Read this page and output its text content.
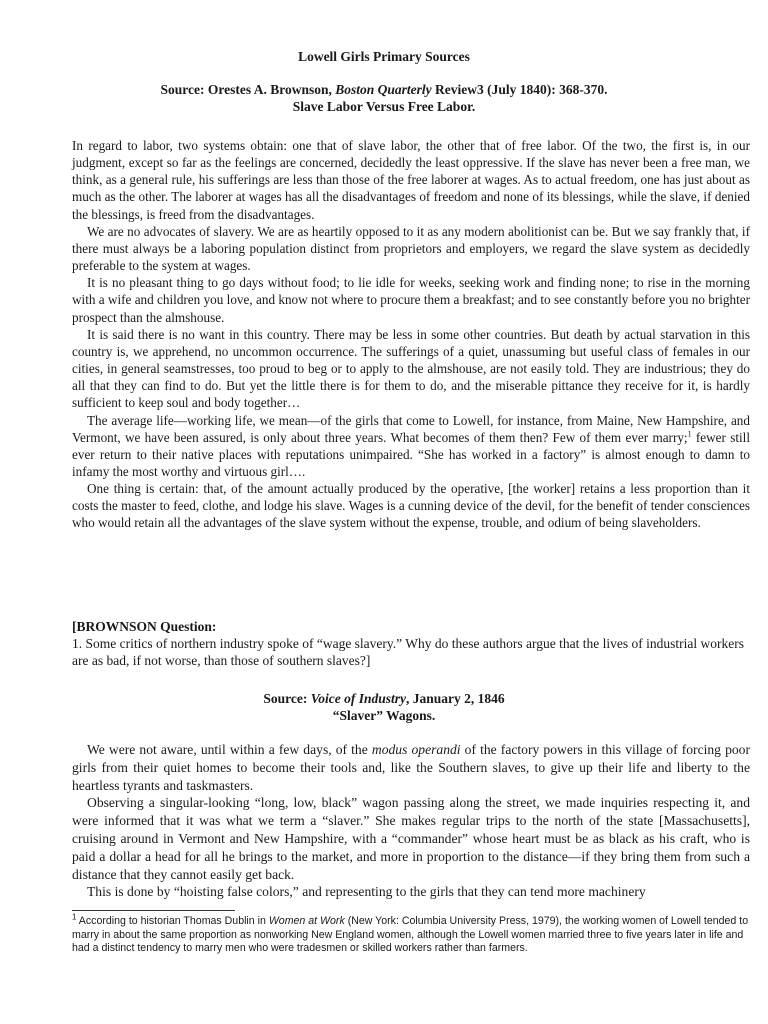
Lowell Girls Primary Sources
Source: Orestes A. Brownson, Boston Quarterly Review3 (July 1840): 368-370.
Slave Labor Versus Free Labor.

In regard to labor, two systems obtain: one that of slave labor, the other that of free labor. Of the two, the first is, in our judgment, except so far as the feelings are concerned, decidedly the least oppressive. If the slave has never been a free man, we think, as a general rule, his sufferings are less than those of the free laborer at wages. As to actual freedom, one has just about as much as the other. The laborer at wages has all the disadvantages of freedom and none of its blessings, while the slave, if denied the blessings, is freed from the disadvantages.

We are no advocates of slavery. We are as heartily opposed to it as any modern abolitionist can be. But we say frankly that, if there must always be a laboring population distinct from proprietors and employers, we regard the slave system as decidedly preferable to the system at wages.

It is no pleasant thing to go days without food; to lie idle for weeks, seeking work and finding none; to rise in the morning with a wife and children you love, and know not where to procure them a breakfast; and to see constantly before you no brighter prospect than the almshouse.

It is said there is no want in this country. There may be less in some other countries. But death by actual starvation in this country is, we apprehend, no uncommon occurrence. The sufferings of a quiet, unassuming but useful class of females in our cities, in general seamstresses, too proud to beg or to apply to the almshouse, are not easily told. They are industrious; they do all that they can find to do. But yet the little there is for them to do, and the miserable pittance they receive for it, is hardly sufficient to keep soul and body together…

The average life—working life, we mean—of the girls that come to Lowell, for instance, from Maine, New Hampshire, and Vermont, we have been assured, is only about three years. What becomes of them then? Few of them ever marry;$^1$ fewer still ever return to their native places with reputations unimpaired. “She has worked in a factory” is almost enough to damn to infamy the most worthy and virtuous girl….

One thing is certain: that, of the amount actually produced by the operative, [the worker] retains a less proportion than it costs the master to feed, clothe, and lodge his slave. Wages is a cunning device of the devil, for the benefit of tender consciences who would retain all the advantages of the slave system without the expense, trouble, and odium of being slaveholders.

[BROWNSON Question:
1. Some critics of northern industry spoke of “wage slavery.” Why do these authors argue that the lives of industrial workers are as bad, if not worse, than those of southern slaves?]
Source: Voice of Industry, January 2, 1846
“Slaver” Wagons.

We were not aware, until within a few days, of the modus operandi of the factory powers in this village of forcing poor girls from their quiet homes to become their tools and, like the Southern slaves, to give up their life and liberty to the heartless tyrants and taskmasters.

Observing a singular-looking “long, low, black” wagon passing along the street, we made inquiries respecting it, and were informed that it was what we term a “slaver.” She makes regular trips to the north of the state [Massachusetts], cruising around in Vermont and New Hampshire, with a “commander” whose heart must be as black as his craft, who is paid a dollar a head for all he brings to the market, and more in proportion to the distance—if they bring them from such a distance that they cannot easily get back.

This is done by “hoisting false colors,” and representing to the girls that they can tend more machinery

$^1$ According to historian Thomas Dublin in Women at Work (New York: Columbia University Press, 1979), the working women of Lowell tended to marry in about the same proportion as nonworking New England women, although the Lowell women married three to five years later in life and had a distinct tendency to marry men who were tradesmen or skilled workers rather than farmers.
